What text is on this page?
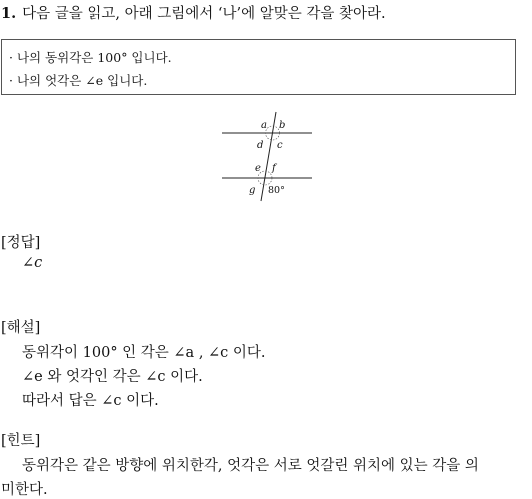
1. 다음 글을 읽고, 아래 그림에서 ‘나’에 알맞은 각을 찾아라.
· 나의 동위각은 100° 입니다.
· 나의 엇각은 ∠e 입니다.
a b
d c
e f
g 80°
[정답]
∠c
[해설]
동위각이 100° 인 각은 ∠a , ∠c 이다.
∠e 와 엇각인 각은 ∠c 이다.
따라서 답은 ∠c 이다.
[힌트]
동위각은 같은 방향에 위치한각, 엇각은 서로 엇갈린 위치에 있는 각을 의
미한다.
